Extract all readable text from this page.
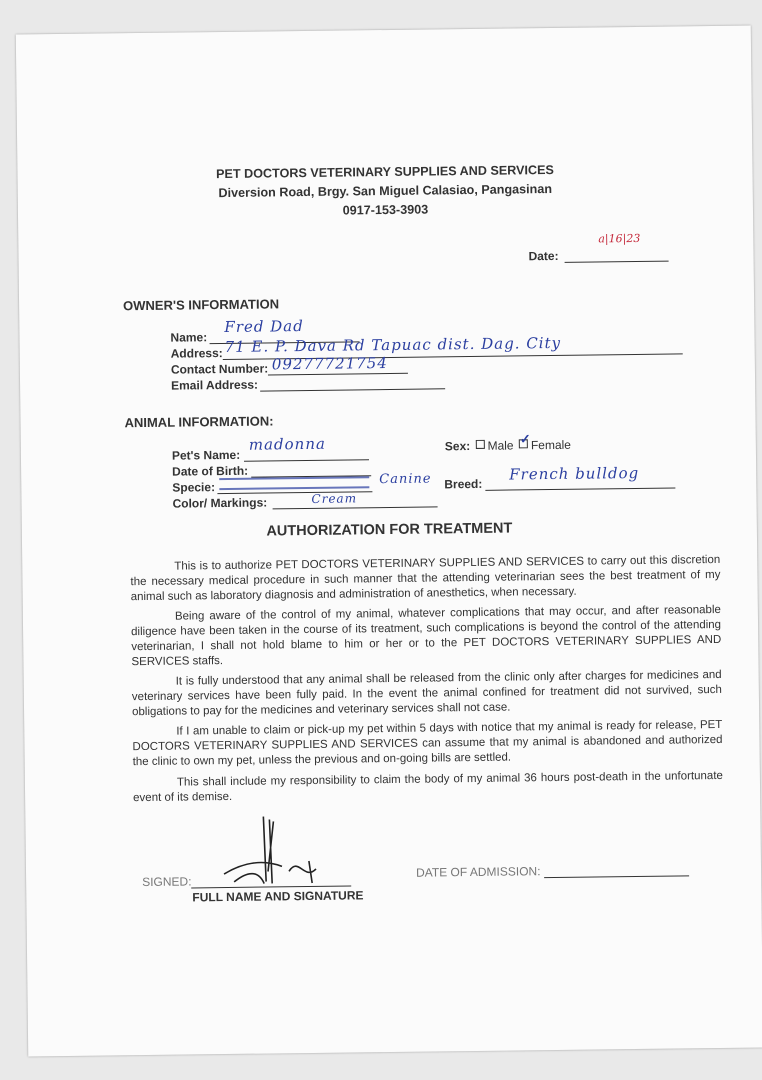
PET DOCTORS VETERINARY SUPPLIES AND SERVICES
Diversion Road, Brgy. San Miguel Calasiao, Pangasinan
0917-153-3903
Date:
a|16|23
OWNER'S INFORMATION
Name:
Fred Dad
Address: 71 E. P. Dava Rd Tapuac dist. Dag. City
Contact Number: 09277721754
Email Address:
ANIMAL INFORMATION:
Pet's Name:
madonna	Sex: Male ✓ Female
Date of Birth:
Specie:
Canine Breed:
French bulldog
Color/ Markings:	Cream
AUTHORIZATION FOR TREATMENT
This is to authorize PET DOCTORS VETERINARY SUPPLIES AND SERVICES to carry out this discretion the necessary medical procedure in such manner that the attending veterinarian sees the best treatment of my animal such as laboratory diagnosis and administration of anesthetics, when necessary.
Being aware of the control of my animal, whatever complications that may occur, and after reasonable diligence have been taken in the course of its treatment, such complications is beyond the control of the attending veterinarian, I shall not hold blame to him or her or to the PET DOCTORS VETERINARY SUPPLIES AND SERVICES staffs.
It is fully understood that any animal shall be released from the clinic only after charges for medicines and veterinary services have been fully paid. In the event the animal confined for treatment did not survived, such obligations to pay for the medicines and veterinary services shall not case.
If I am unable to claim or pick-up my pet within 5 days with notice that my animal is ready for release, PET DOCTORS VETERINARY SUPPLIES AND SERVICES can assume that my animal is abandoned and authorized the clinic to own my pet, unless the previous and on-going bills are settled.
This shall include my responsibility to claim the body of my animal 36 hours post-death in the unfortunate event of its demise.
SIGNED:
FULL NAME AND SIGNATURE
DATE OF ADMISSION:
